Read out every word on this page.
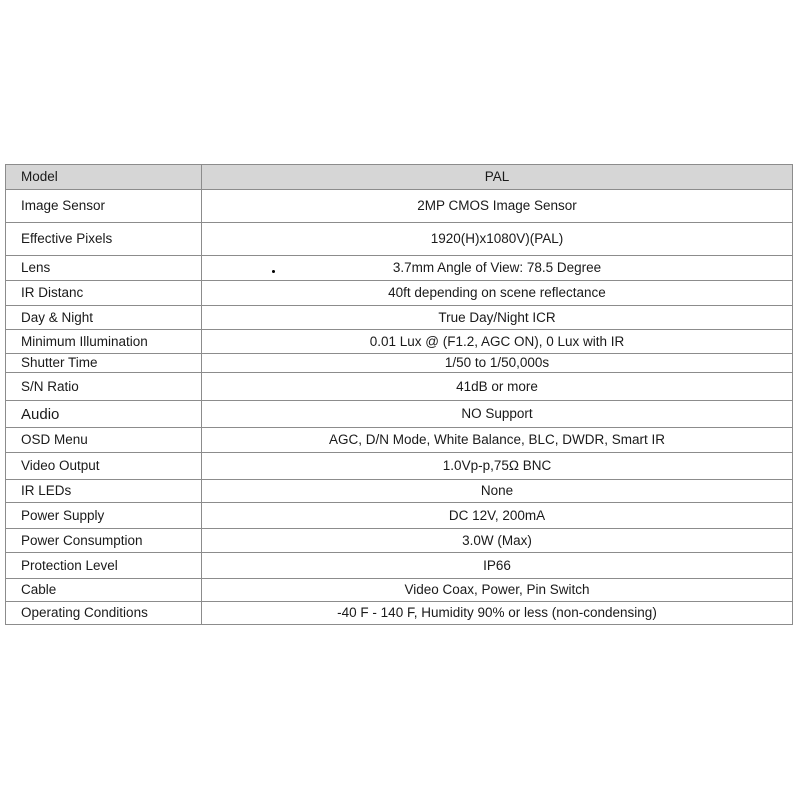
Model	PAL
Image Sensor	2MP CMOS Image Sensor
Effective Pixels	1920(H)x1080V)(PAL)
Lens	3.7mm Angle of View: 78.5 Degree
IR Distanc	40ft depending on scene reflectance
Day & Night	True Day/Night ICR
Minimum Illumination	0.01 Lux @ (F1.2, AGC ON), 0 Lux with IR
Shutter Time	1/50 to 1/50,000s
S/N Ratio	41dB or more
Audio	NO Support
OSD Menu	AGC, D/N Mode, White Balance, BLC, DWDR, Smart IR
Video Output	1.0Vp-p,75Ω BNC
IR LEDs	None
Power Supply	DC 12V, 200mA
Power Consumption	3.0W (Max)
Protection Level	IP66
Cable	Video Coax, Power, Pin Switch
Operating Conditions	-40 F - 140 F, Humidity 90% or less (non-condensing)
